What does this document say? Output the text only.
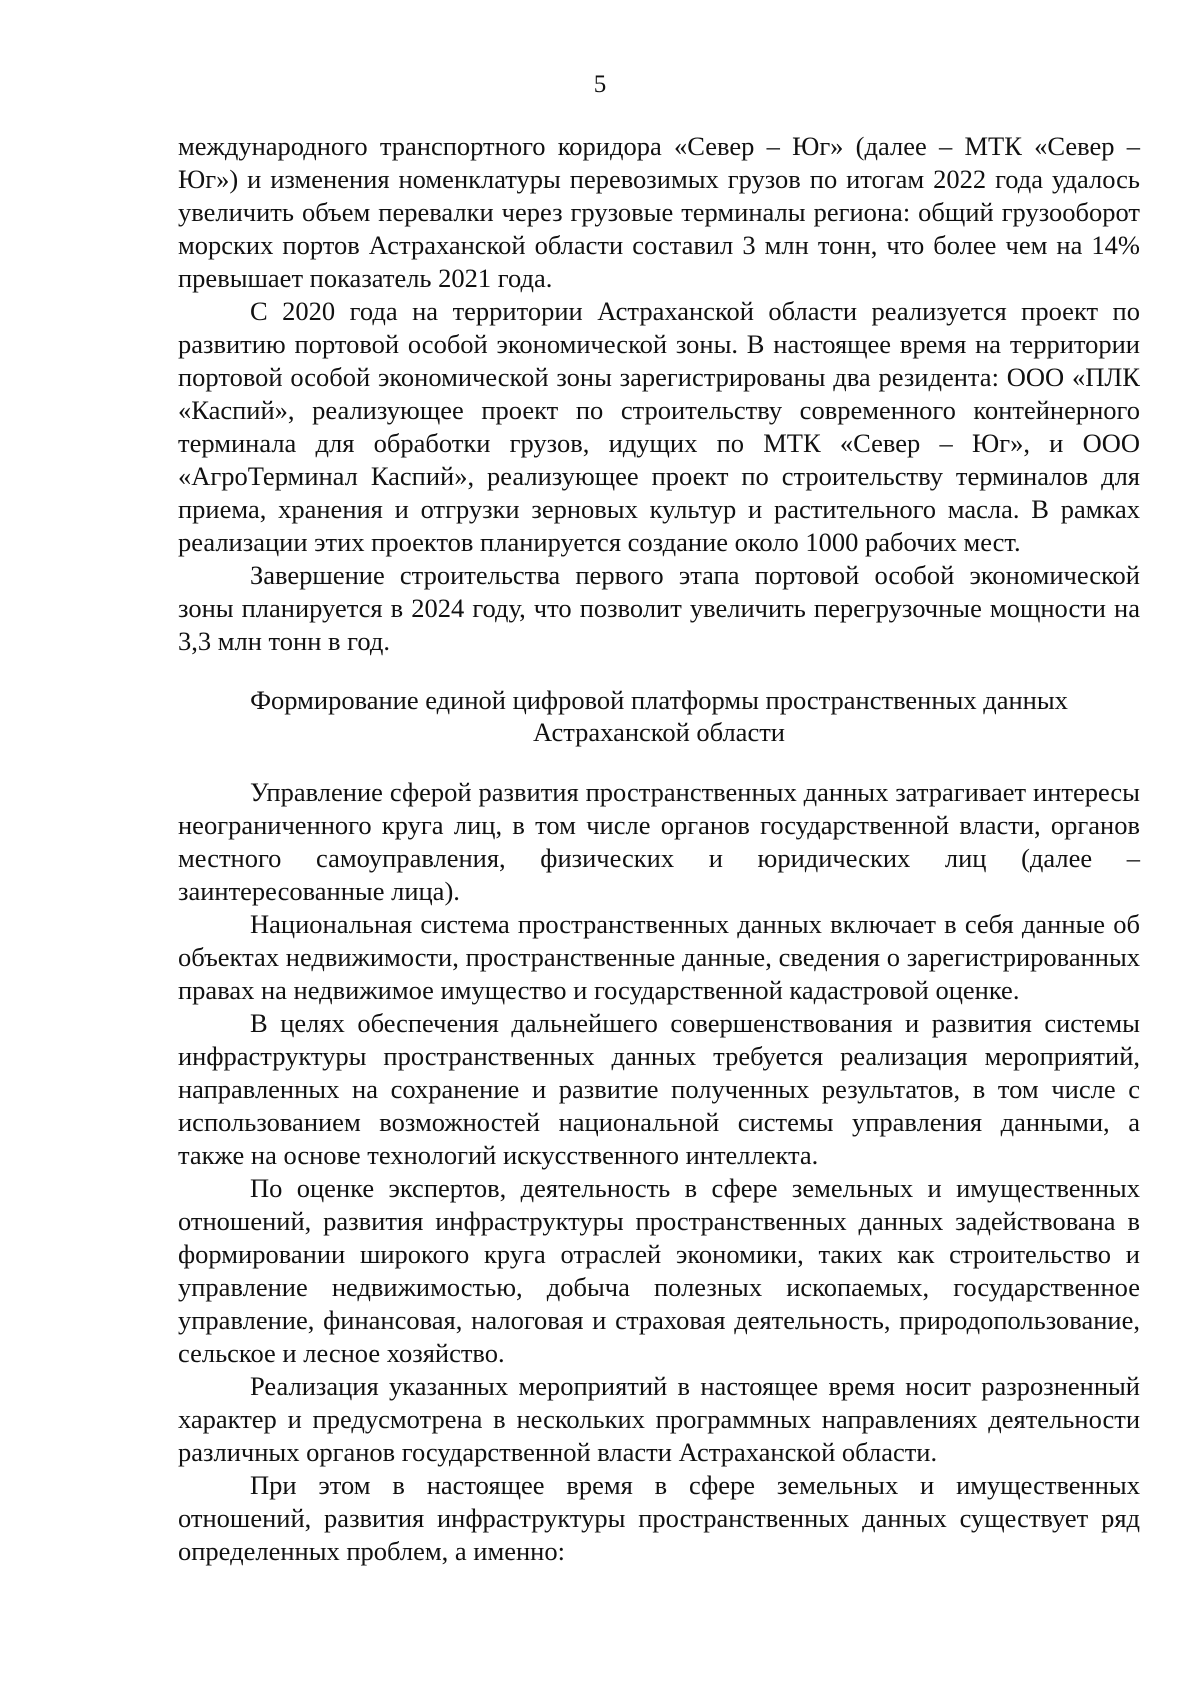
5

международного транспортного коридора «Север – Юг» (далее – МТК «Север – Юг») и изменения номенклатуры перевозимых грузов по итогам 2022 года удалось увеличить объем перевалки через грузовые терминалы региона: общий грузооборот морских портов Астраханской области составил 3 млн тонн, что более чем на 14% превышает показатель 2021 года.

С 2020 года на территории Астраханской области реализуется проект по развитию портовой особой экономической зоны. В настоящее время на территории портовой особой экономической зоны зарегистрированы два резидента: ООО «ПЛК «Каспий», реализующее проект по строительству современного контейнерного терминала для обработки грузов, идущих по МТК «Север – Юг», и ООО «АгроТерминал Каспий», реализующее проект по строительству терминалов для приема, хранения и отгрузки зерновых культур и растительного масла. В рамках реализации этих проектов планируется создание около 1000 рабочих мест.

Завершение строительства первого этапа портовой особой экономической зоны планируется в 2024 году, что позволит увеличить перегрузочные мощности на 3,3 млн тонн в год.

Формирование единой цифровой платформы пространственных данных
Астраханской области

Управление сферой развития пространственных данных затрагивает интересы неограниченного круга лиц, в том числе органов государственной власти, органов местного самоуправления, физических и юридических лиц (далее – заинтересованные лица).

Национальная система пространственных данных включает в себя данные об объектах недвижимости, пространственные данные, сведения о зарегистрированных правах на недвижимое имущество и государственной кадастровой оценке.

В целях обеспечения дальнейшего совершенствования и развития системы инфраструктуры пространственных данных требуется реализация мероприятий, направленных на сохранение и развитие полученных результатов, в том числе с использованием возможностей национальной системы управления данными, а также на основе технологий искусственного интеллекта.

По оценке экспертов, деятельность в сфере земельных и имущественных отношений, развития инфраструктуры пространственных данных задействована в формировании широкого круга отраслей экономики, таких как строительство и управление недвижимостью, добыча полезных ископаемых, государственное управление, финансовая, налоговая и страховая деятельность, природопользование, сельское и лесное хозяйство.

Реализация указанных мероприятий в настоящее время носит разрозненный характер и предусмотрена в нескольких программных направлениях деятельности различных органов государственной власти Астраханской области.

При этом в настоящее время в сфере земельных и имущественных отношений, развития инфраструктуры пространственных данных существует ряд определенных проблем, а именно:
